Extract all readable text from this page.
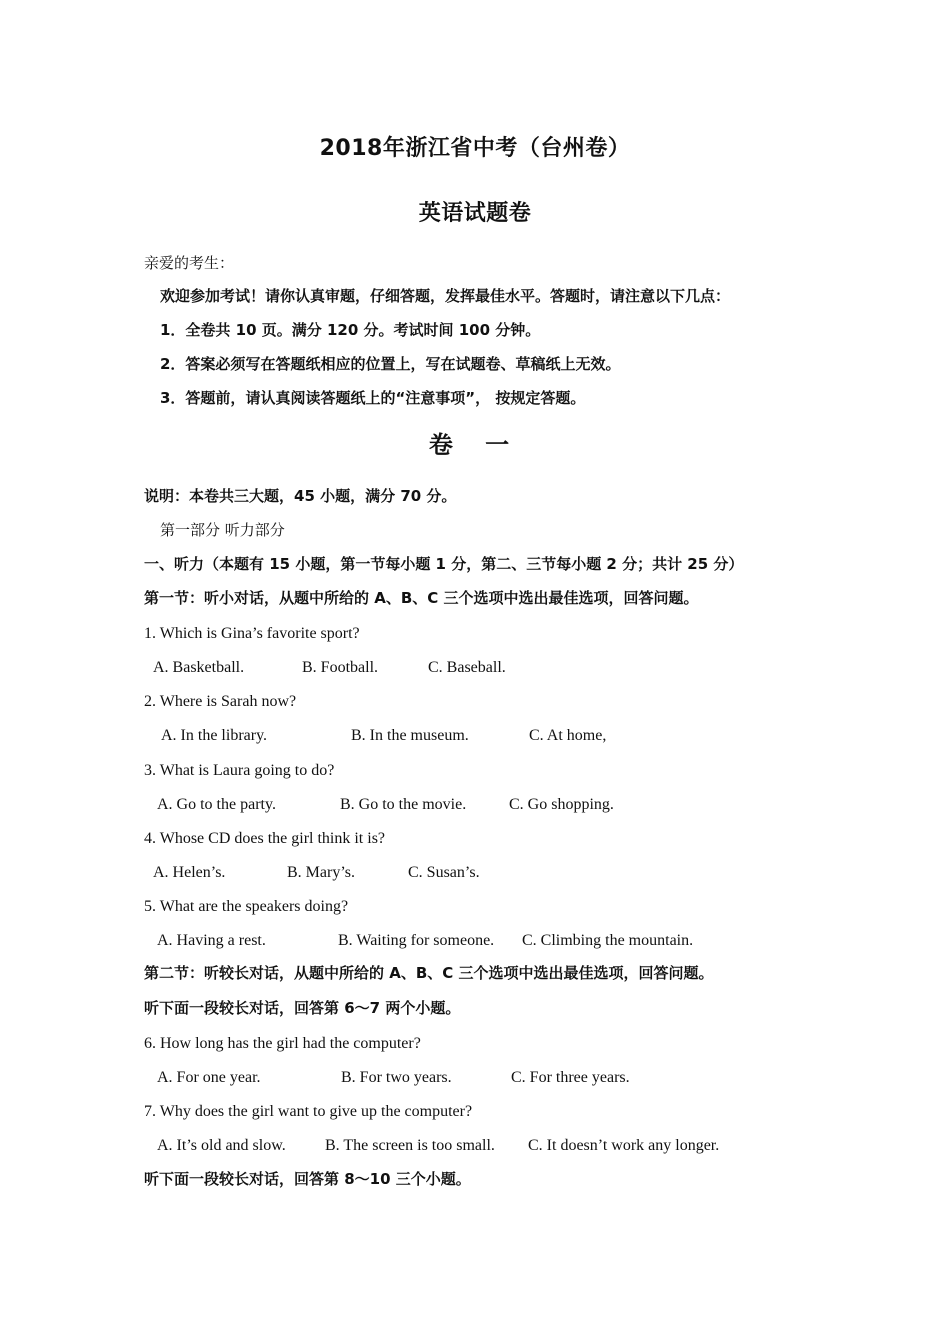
2018年浙江省中考（台州卷）
英语试题卷
亲爱的考生：
欢迎参加考试！请你认真审题，仔细答题，发挥最佳水平。答题时，请注意以下几点：
1．全卷共 10 页。满分 120 分。考试时间 100 分钟。
2．答案必须写在答题纸相应的位置上，写在试题卷、草稿纸上无效。
3．答题前，请认真阅读答题纸上的“注意事项”， 按规定答题。
卷 一
说明：本卷共三大题，45 小题，满分 70 分。
第一部分 听力部分
一、听力（本题有 15 小题，第一节每小题 1 分，第二、三节每小题 2 分；共计 25 分）
第一节：听小对话，从题中所给的 A、B、C 三个选项中选出最佳选项，回答问题。
1. Which is Gina’s favorite sport?
A. Basketball.	B. Football.	C. Baseball.
2. Where is Sarah now?
A. In the library.	B. In the museum.	C. At home,
3. What is Laura going to do?
A. Go to the party.	B. Go to the movie.	C. Go shopping.
4. Whose CD does the girl think it is?
A. Helen’s.	B. Mary’s.	C. Susan’s.
5. What are the speakers doing?
A. Having a rest.	B. Waiting for someone. C. Climbing the mountain.
第二节：听较长对话，从题中所给的 A、B、C 三个选项中选出最佳选项，回答问题。
听下面一段较长对话，回答第 6～7 两个小题。
6. How long has the girl had the computer?
A. For one year.	B. For two years.	C. For three years.
7. Why does the girl want to give up the computer?
A. It’s old and slow. B. The screen is too small. C. It doesn’t work any longer.
听下面一段较长对话，回答第 8～10 三个小题。
